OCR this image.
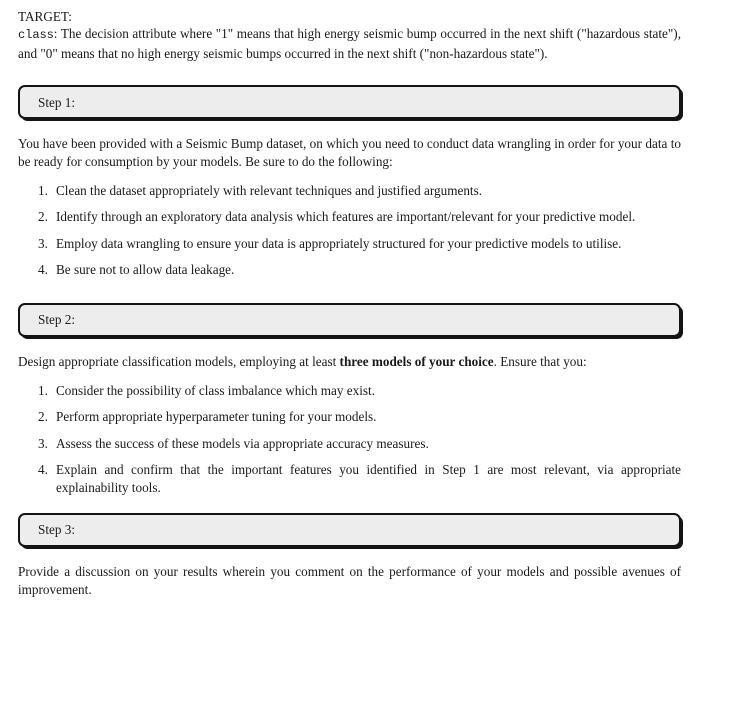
TARGET:

class: The decision attribute where "1" means that high energy seismic bump occurred in the next shift ("hazardous state"), and "0" means that no high energy seismic bumps occurred in the next shift ("non-hazardous state").

Step 1:

You have been provided with a Seismic Bump dataset, on which you need to conduct data wrangling in order for your data to be ready for consumption by your models. Be sure to do the following:

1. Clean the dataset appropriately with relevant techniques and justified arguments.
2. Identify through an exploratory data analysis which features are important/relevant for your predictive model.
3. Employ data wrangling to ensure your data is appropriately structured for your predictive models to utilise.
4. Be sure not to allow data leakage.
Step 2:

Design appropriate classification models, employing at least three models of your choice. Ensure that you:

1. Consider the possibility of class imbalance which may exist.
2. Perform appropriate hyperparameter tuning for your models.
3. Assess the success of these models via appropriate accuracy measures.
4. Explain and confirm that the important features you identified in Step 1 are most relevant, via appropriate explainability tools.
Step 3:

Provide a discussion on your results wherein you comment on the performance of your models and possible avenues of improvement.
